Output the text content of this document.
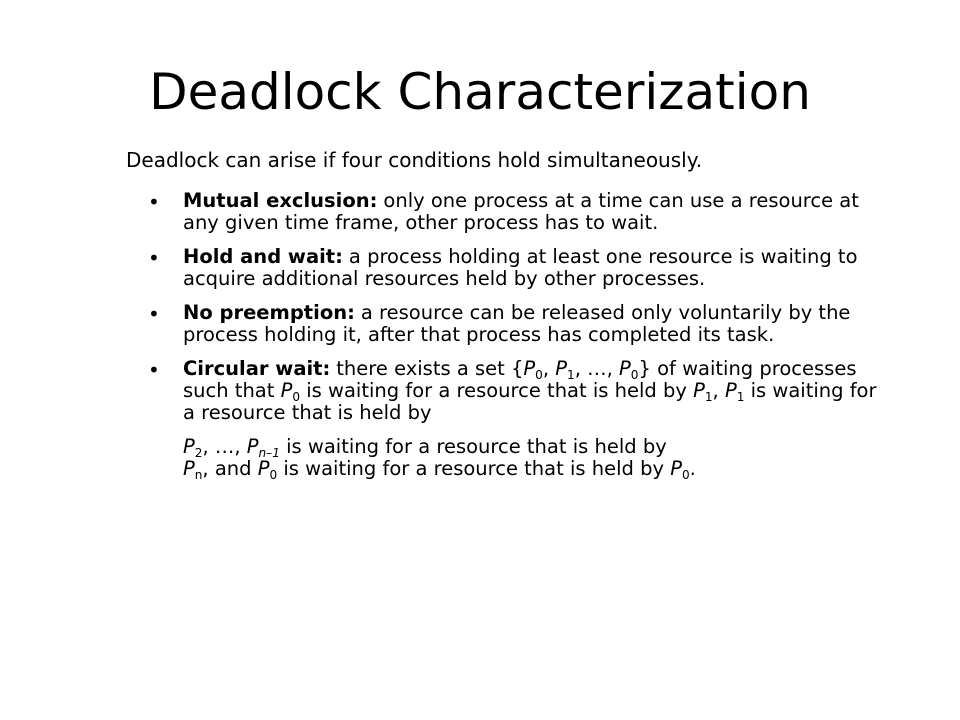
Deadlock Characterization

Deadlock can arise if four conditions hold simultaneously.

• Mutual exclusion: only one process at a time can use a resource at any given time frame, other process has to wait.

• Hold and wait: a process holding at least one resource is waiting to acquire additional resources held by other processes.

• No preemption: a resource can be released only voluntarily by the process holding it, after that process has completed its task.

• Circular wait: there exists a set {$P_0$, $P_1$, …, $P_0$} of waiting processes such that $P_0$ is waiting for a resource that is held by $P_1$, $P_1$ is waiting for a resource that is held by

$P_2$, …, $P_{n-1}$ is waiting for a resource that is held by
$P_n$, and $P_0$ is waiting for a resource that is held by $P_0$.
